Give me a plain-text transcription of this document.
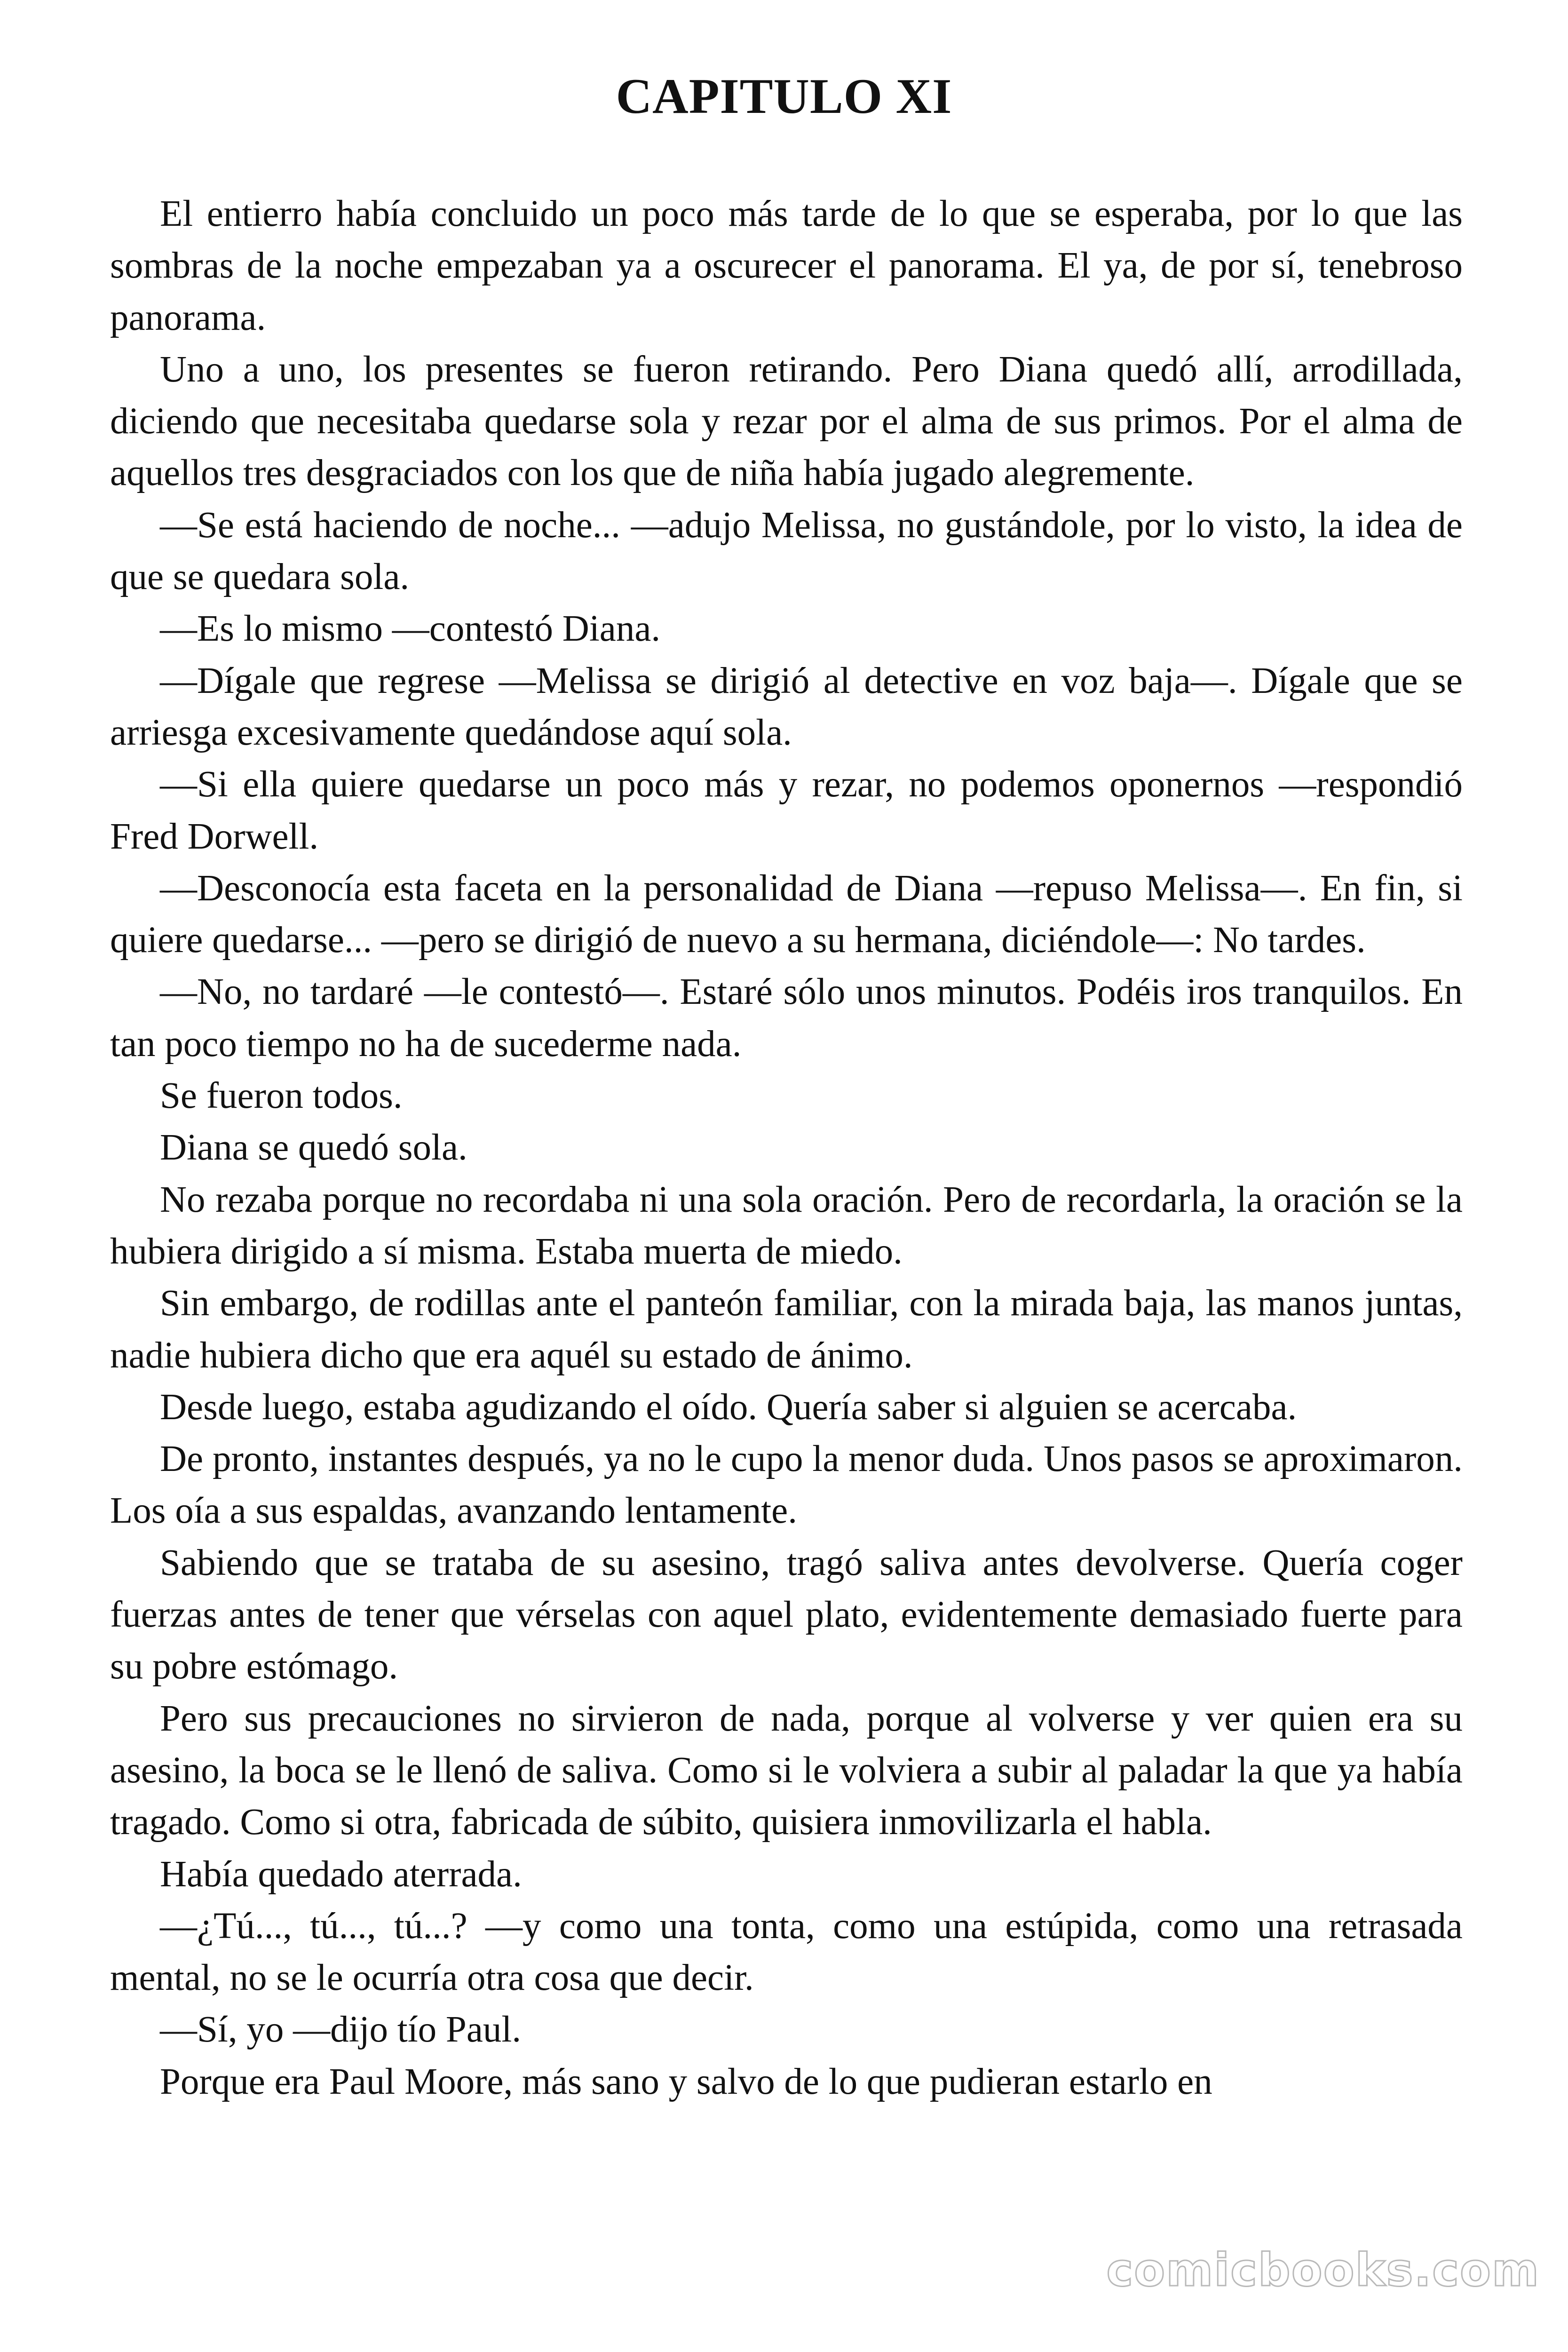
CAPITULO XI

El entierro había concluido un poco más tarde de lo que se esperaba, por lo que las sombras de la noche empezaban ya a oscurecer el panorama. El ya, de por sí, tenebroso panorama.

Uno a uno, los presentes se fueron retirando. Pero Diana quedó allí, arrodillada, diciendo que necesitaba quedarse sola y rezar por el alma de sus primos. Por el alma de aquellos tres desgraciados con los que de niña había jugado alegremente.

—Se está haciendo de noche... —adujo Melissa, no gustándole, por lo visto, la idea de que se quedara sola.

—Es lo mismo —contestó Diana.

—Dígale que regrese —Melissa se dirigió al detective en voz baja—. Dígale que se arriesga excesivamente quedándose aquí sola.

—Si ella quiere quedarse un poco más y rezar, no podemos oponernos —respondió Fred Dorwell.

—Desconocía esta faceta en la personalidad de Diana —repuso Melissa—. En fin, si quiere quedarse... —pero se dirigió de nuevo a su hermana, diciéndole—: No tardes.

—No, no tardaré —le contestó—. Estaré sólo unos minutos. Podéis iros tranquilos. En tan poco tiempo no ha de sucederme nada.

Se fueron todos.

Diana se quedó sola.

No rezaba porque no recordaba ni una sola oración. Pero de recordarla, la oración se la hubiera dirigido a sí misma. Estaba muerta de miedo.

Sin embargo, de rodillas ante el panteón familiar, con la mirada baja, las manos juntas, nadie hubiera dicho que era aquél su estado de ánimo.

Desde luego, estaba agudizando el oído. Quería saber si alguien se acercaba.

De pronto, instantes después, ya no le cupo la menor duda. Unos pasos se aproximaron. Los oía a sus espaldas, avanzando lentamente.

Sabiendo que se trataba de su asesino, tragó saliva antes devolverse. Quería coger fuerzas antes de tener que vérselas con aquel plato, evidentemente demasiado fuerte para su pobre estómago.

Pero sus precauciones no sirvieron de nada, porque al volverse y ver quien era su asesino, la boca se le llenó de saliva. Como si le volviera a subir al paladar la que ya había tragado. Como si otra, fabricada de súbito, quisiera inmovilizarla el habla.

Había quedado aterrada.

—¿Tú..., tú..., tú...? —y como una tonta, como una estúpida, como una retrasada mental, no se le ocurría otra cosa que decir.

—Sí, yo —dijo tío Paul.

Porque era Paul Moore, más sano y salvo de lo que pudieran estarlo en

comicbooks.com
